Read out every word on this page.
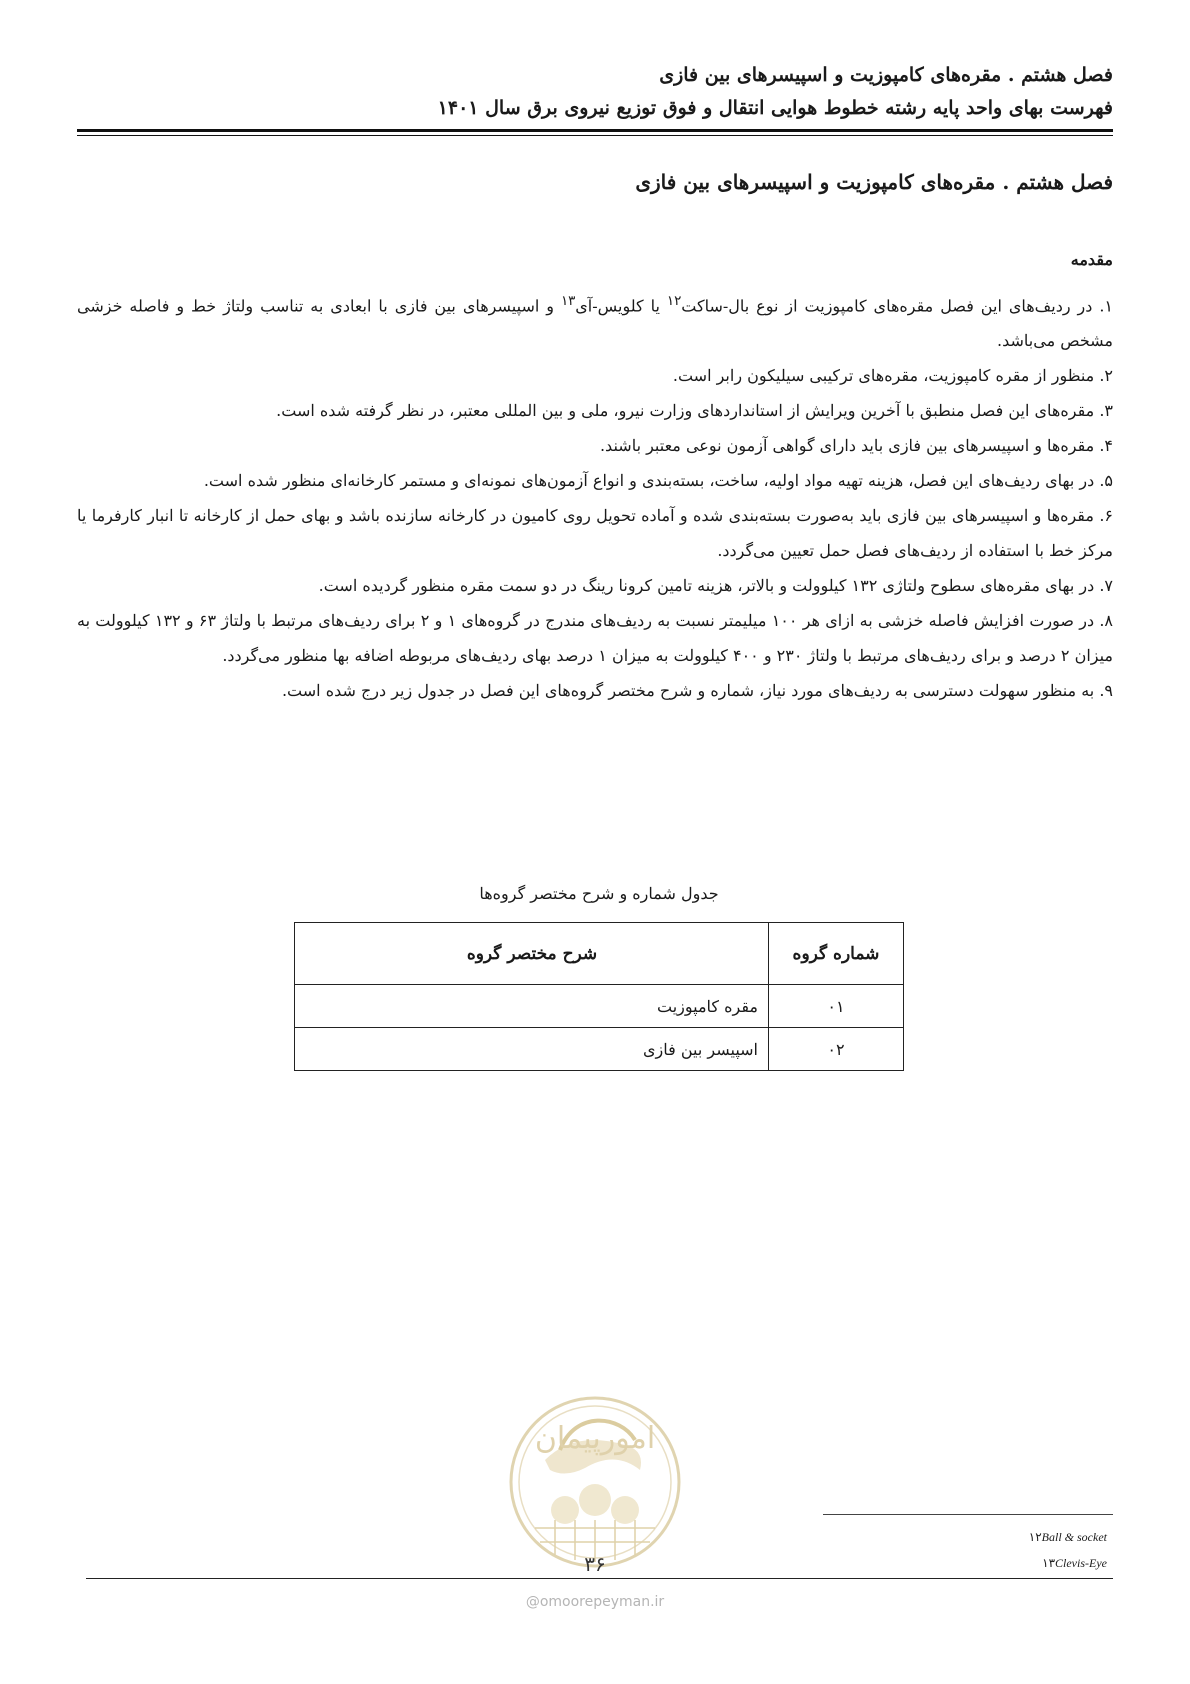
فصل هشتم . مقره‌های کامپوزیت و اسپیسرهای بین فازی
فهرست بهای واحد پایه رشته خطوط هوایی انتقال و فوق توزیع نیروی برق سال ۱۴۰۱
فصل هشتم . مقره‌های کامپوزیت و اسپیسرهای بین فازی
مقدمه

۱. در ردیف‌های این فصل مقره‌های کامپوزیت از نوع بال-ساکت$^{۱۲}$ یا کلویس-آی$^{۱۳}$ و اسپیسرهای بین فازی با ابعادی به تناسب ولتاژ خط و فاصله خزشی مشخص می‌باشد.

۲. منظور از مقره کامپوزیت، مقره‌های ترکیبی سیلیکون رابر است.

۳. مقره‌های این فصل منطبق با آخرین ویرایش از استانداردهای وزارت نیرو، ملی و بین المللی معتبر، در نظر گرفته شده است.

۴. مقره‌ها و اسپیسرهای بین فازی باید دارای گواهی آزمون نوعی معتبر باشند.

۵. در بهای ردیف‌های این فصل، هزینه تهیه مواد اولیه، ساخت، بسته‌بندی و انواع آزمون‌های نمونه‌ای و مستمر کارخانه‌ای منظور شده است.

۶. مقره‌ها و اسپیسرهای بین فازی باید به‌صورت بسته‌بندی شده و آماده تحویل روی کامیون در کارخانه سازنده باشد و بهای حمل از کارخانه تا انبار کارفرما یا مرکز خط با استفاده از ردیف‌های فصل حمل تعیین می‌گردد.

۷. در بهای مقره‌های سطوح ولتاژی ۱۳۲ کیلوولت و بالاتر، هزینه تامین کرونا رینگ در دو سمت مقره منظور گردیده است.

۸. در صورت افزایش فاصله خزشی به ازای هر ۱۰۰ میلیمتر نسبت به ردیف‌های مندرج در گروه‌های ۱ و ۲ برای ردیف‌های مرتبط با ولتاژ ۶۳ و ۱۳۲ کیلوولت به میزان ۲ درصد و برای ردیف‌های مرتبط با ولتاژ ۲۳۰ و ۴۰۰ کیلوولت به میزان ۱ درصد بهای ردیف‌های مربوطه اضافه بها منظور می‌گردد.

۹. به منظور سهولت دسترسی به ردیف‌های مورد نیاز، شماره و شرح مختصر گروه‌های این فصل در جدول زیر درج شده است.

جدول شماره و شرح مختصر گروه‌ها
شماره گروه	شرح مختصر گروه
۰۱	مقره کامپوزیت
۰۲	اسپیسر بین فازی
۱۲Ball & socket
۱۳Clevis-Eye
امورپیمان
۳۶
@omoorepeyman.ir
